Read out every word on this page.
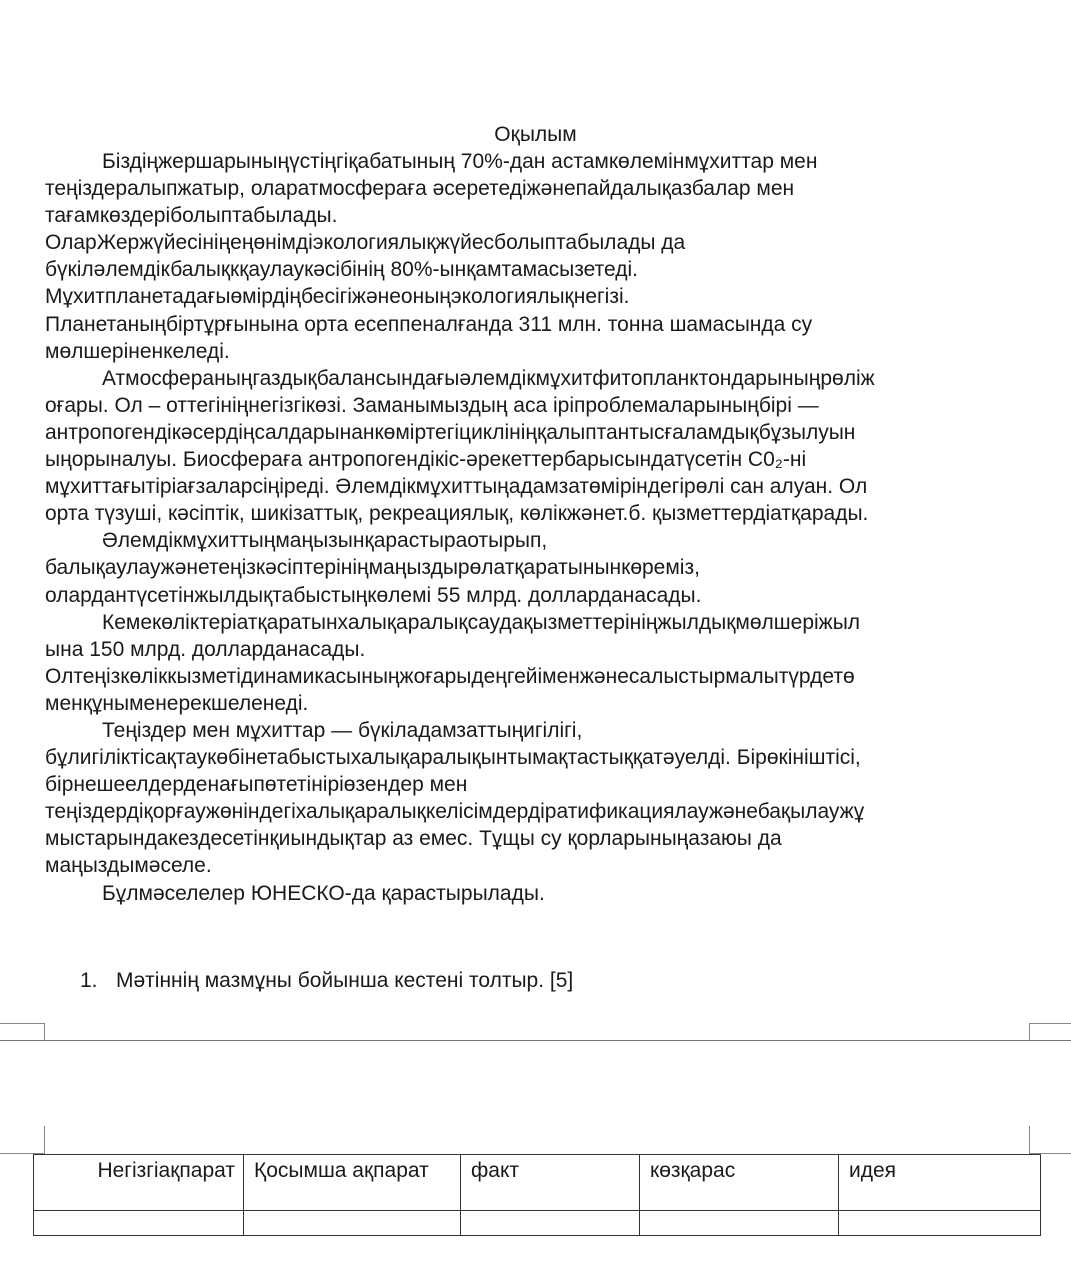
Оқылым
Біздіңжершарыныңүстіңгіқабатының 70%-дан астамкөлемінмұхиттар мен
теңіздералыпжатыр, оларатмосфераға әсеретедіжәнепайдалықазбалар мен
тағамкөздеріболыптабылады.
ОларЖержүйесініңеңөнімдіэкологиялықжүйесболыптабылады да
бүкіләлемдікбалықкқаулаукәсібінің 80%-ынқамтамасызетеді.
Мұхитпланетадағыөмірдіңбесігіжәнеоныңэкологиялықнегізі.
Планетаныңбіртұрғынына орта есеппеналғанда 311 млн. тонна шамасында су
мөлшеріненкеледі.
Атмосфераныңгаздықбалансындағыәлемдікмұхитфитопланктондарыныңрөліж
оғары. Ол – оттегініңнегізгікөзі. Заманымыздың аса іріпроблемаларыныңбірі —
антропогендікәсердіңсалдарынанкөміртегіциклініңқалыптантысғаламдықбұзылуын
ыңорыналуы. Биосфераға антропогендікіс-әрекеттербарысындатүсетін С0₂-ні
мұхиттағытіріағзаларсіңіреді. Әлемдікмұхиттыңадамзатөміріндегірөлі сан алуан. Ол
орта түзуші, кәсіптік, шикізаттық, рекреациялық, көлікжәнет.б. қызметтердіатқарады.
Әлемдікмұхиттыңмаңызынқарастыраотырып,
балықаулаужәнетеңізкәсіптерініңмаңыздырөлатқаратынынкөреміз,
олардантүсетінжылдықтабыстыңкөлемі 55 млрд. долларданасады.
Кемекөліктеріатқаратынхалықаралықсаудақызметтерініңжылдықмөлшеріжыл
ына 150 млрд. долларданасады.
Олтеңізкөліккызметідинамикасыныңжоғарыдеңгейіменжәнесалыстырмалытүрдетө
менқұныменерекшеленеді.
Теңіздер мен мұхиттар — бүкіладамзаттыңигілігі,
бұлигіліктісақтаукөбінетабыстыхалықаралықынтымақтастыққатәуелді. Бірөкініштісі,
бірнешеелдерденағыпөтетініріөзендер мен
теңіздердіқорғаужөніндегіхалықаралықкелісімдердіратификациялаужәнебақылаужұ
мыстарындакездесетінқиындықтар аз емес. Тұщы су қорларыныңазаюы да
маңыздымәселе.
Бұлмәселелер ЮНЕСКО-да қарастырылады.
1. Мәтіннің мазмұны бойынша кестені толтыр. [5]
Негізгіақпарат	Қосымша ақпарат	факт	көзқарас	идея
